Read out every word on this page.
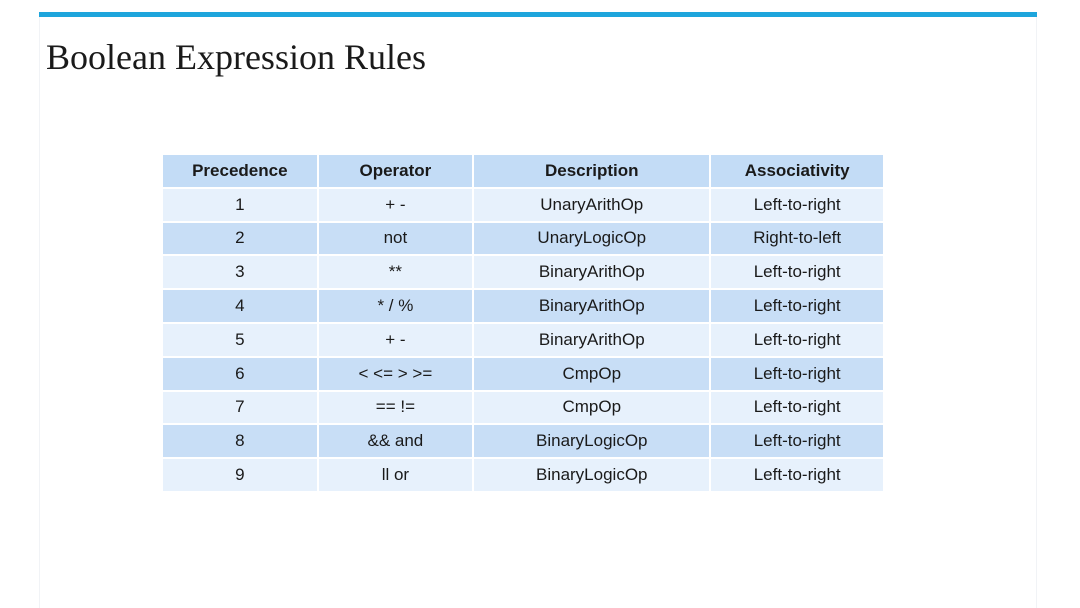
Boolean Expression Rules
Precedence	Operator	Description	Associativity
1	+ -	UnaryArithOp	Left-to-right
2	not	UnaryLogicOp	Right-to-left
3	**	BinaryArithOp	Left-to-right
4	* / %	BinaryArithOp	Left-to-right
5	+ -	BinaryArithOp	Left-to-right
6	< <= > >=	CmpOp	Left-to-right
7	== !=	CmpOp	Left-to-right
8	&& and	BinaryLogicOp	Left-to-right
9	ll or	BinaryLogicOp	Left-to-right
